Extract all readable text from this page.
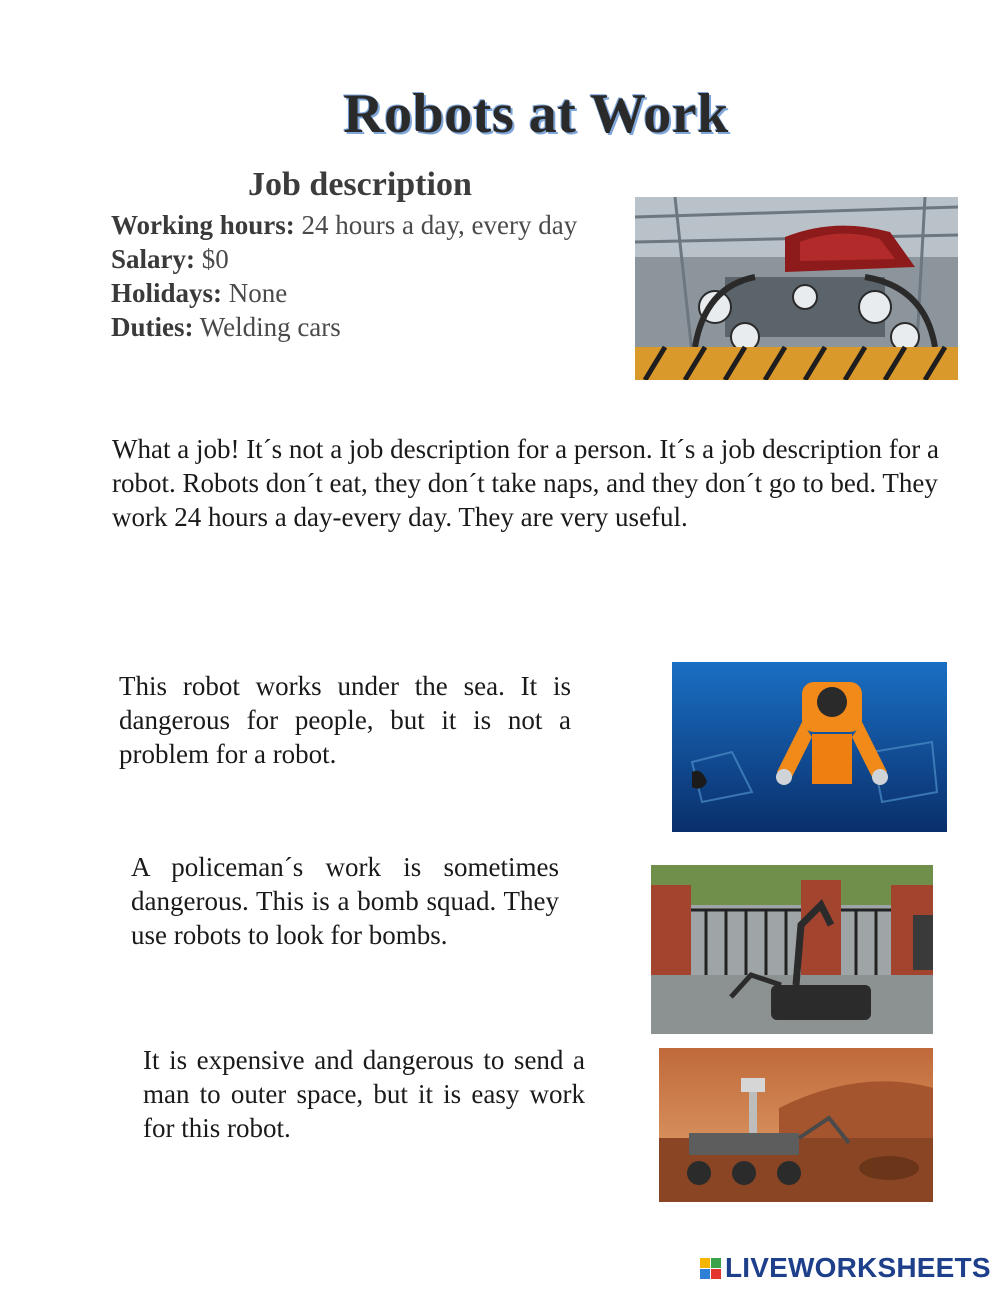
Robots at Work
Job description
Working hours: 24 hours a day, every day
Salary: $0
Holidays: None
Duties: Welding cars
What a job! It´s not a job description for a person. It´s a job description for a robot. Robots don´t eat, they don´t take naps, and they don´t go to bed. They work 24 hours a day-every day. They are very useful.
This robot works under the sea. It is dangerous for people, but it is not a problem for a robot.
A policeman´s work is sometimes dangerous. This is a bomb squad. They use robots to look for bombs.
It is expensive and dangerous to send a man to outer space, but it is easy work for this robot.
LIVEWORKSHEETS
